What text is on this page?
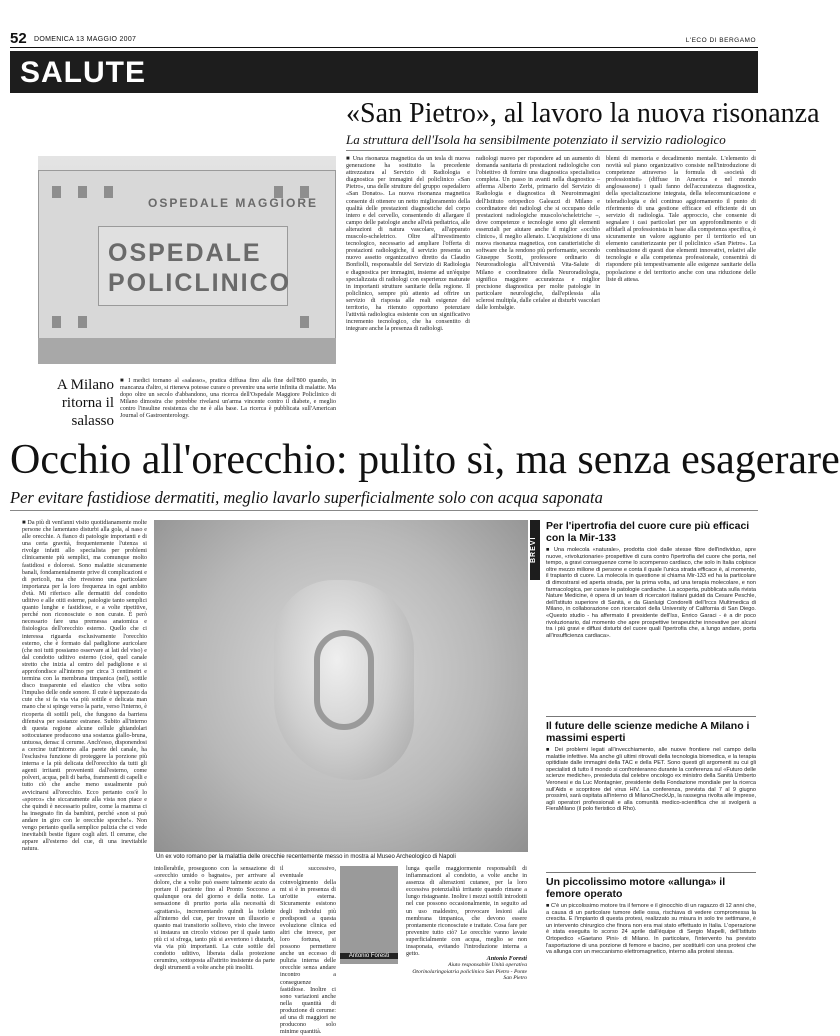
52 DOMENICA 13 MAGGIO 2007	L'ECO DI BERGAMO
SALUTE
«San Pietro», al lavoro la nuova risonanza
La struttura dell'Isola ha sensibilmente potenziato il servizio radiologico
OSPEDALE MAGGIORE
OSPEDALE POLICLINICO
A Milano ritorna il salasso
■ I medici tornano al «salasso», pratica diffusa fino alla fine dell'800 quando, in mancanza d'altro, si riteneva potesse curare o prevenire una serie infinita di malattie. Ma dopo oltre un secolo d'abbandono, una ricerca dell'Ospedale Maggiore Policlinico di Milano dimostra che potrebbe rivelarsi un'arma vincente contro il diabete, e meglio contro l'insuline resistenza che ne è alla base. La ricerca è pubblicata sull'American Journal of Gastroenterology.
■ Una risonanza magnetica da un tesla di nuova generazione ha sostituito la precedente attrezzatura al Servizio di Radiologia e diagnostica per immagini del policlinico «San Pietro», una delle strutture del gruppo ospedaliero «San Donato». La nuova risonanza magnetica consente di ottenere un netto miglioramento della qualità delle prestazioni diagnostiche del corpo intero e del cervello, consentendo di allargare il campo delle patologie anche all'età pediatrica, alle alterazioni di natura vascolare, all'apparato muscolo-scheletrico. Oltre all'investimento tecnologico, necessario ad ampliare l'offerta di prestazioni radiologiche, il servizio presenta un nuovo assetto organizzativo diretto da Claudio Bonfiolli, responsabile del Servizio di Radiologia e diagnostica per immagini, insieme ad un'équipe specializzata di radiologi con esperienze maturate in importanti strutture sanitarie della regione. Il policlinico, sempre più attento ad offrire un servizio di risposta alle reali esigenze del territorio, ha ritenuto opportuno potenziare l'attività radiologica esistente con un significativo incremento tecnologico, che ha consentito di integrare anche la presenza di radiologi.
radiologi nuovo per rispondere ad un aumento di domanda sanitaria di prestazioni radiologiche con l'obiettivo di fornire una diagnostica specialistica completa. Un passo in avanti nella diagnostica – afferma Alberto Zerbi, primario del Servizio di Radiologia e diagnostica di Neuroimmagini dell'Istituto ortopedico Galeazzi di Milano e coordinatore dei radiologi che si occupano delle prestazioni radiologiche muscolo/scheletriche –, dove competenze e tecnologie sono gli elementi essenziali per aiutare anche il miglior «occhio clinico», il meglio allenato. L'acquisizione di una nuova risonanza magnetica, con caratteristiche di software che la rendono più performante, secondo Giuseppe Scotti, professore ordinario di Neuroradiologia all'Università Vita-Salute di Milano e coordinatore della Neuroradiologia, significa maggiore accuratezza e miglior precisione diagnostica per molte patologie in particolare neurologiche, dall'epilessia alla sclerosi multipla, dalle cefalee ai disturbi vascolari dalle lombalgie.
blemi di memoria e decadimento mentale. L'elemento di novità sul piano organizzativo consiste nell'introduzione di competenze attraverso la formula di «società di professionisti» (diffuse in America e nel mondo anglosassone) i quali fanno dell'accuratezza diagnostica, della specializzazione integrata, della telecomunicazione e teleradiologia e del continuo aggiornamento il punto di riferimento di una gestione efficace ed efficiente di un servizio di radiologia. Tale approccio, che consente di segnalare i casi particolari per un approfondimento e di affidarli al professionista in base alla competenza specifica, è sicuramente un valore aggiunto per il territorio ed un elemento caratterizzante per il policlinico «San Pietro». La combinazione di questi due elementi innovativi, relativi alle tecnologie e alla competenza professionale, consentirà di rispondere più tempestivamente alle esigenze sanitarie della popolazione e del territorio anche con una riduzione delle liste di attesa.
Occhio all'orecchio: pulito sì, ma senza esagerare
Per evitare fastidiose dermatiti, meglio lavarlo superficialmente solo con acqua saponata
■ Da più di vent'anni visito quotidianamente molte persone che lamentano disturbi alla gola, al naso e alle orecchie. A fianco di patologie importanti e di una certa gravità, frequentemente l'utenza si rivolge infatti allo specialista per problemi clinicamente più semplici, ma comunque molto fastidiosi e dolorosi. Sono malattie sicuramente banali, fondamentalmente prive di complicazioni e di pericoli, ma che rivestono una particolare importanza per la loro frequenza in ogni ambito d'età. Mi riferisco alle dermatiti del condotto uditivo e alle otiti esterne, patologie tanto semplici quanto lunghe e fastidiose, e a volte ripetitive, perché non riconosciute o non curate. È però necessario fare una premessa anatomica e fisiologica dell'orecchio esterno. Quello che ci interessa riguarda esclusivamente l'orecchio esterno, che è formato dal padiglione auricolare (che noi tutti possiamo osservare ai lati del viso) e dal condotto uditivo esterno (cioè, quel canale stretto che inizia al centro del padiglione e si approfondisce all'interno per circa 3 centimetri e termina con la membrana timpanica (nel), sottile disco trasparente ed elastico che vibra sotto l'impulso delle onde sonore. Il cute è tappezzato da cute che si fa via via più sottile e delicata man mano che si spinge verso la parte, verso l'interno, è ricoperta di sottili peli, che fungono da barriera difensiva per sostanze estranee. Subito all'interno di questa regione alcune cellule ghiandolari sottocutanee producono una sostanza giallo-bruna, untuosa, densa: il cerume. Anch'esso, disponendosi a cercine tutt'intorno alla parete del canale, ha l'esclusiva funzione di proteggere la porzione più interna e la più delicata dell'orecchio da tutti gli agenti irritanti provenienti dall'esterno, come polveri, acqua, peli di barba, frammenti di capelli e tutto ciò che anche meno usualmente può avvicinarsi all'orecchio. Ecco pertanto cos'è lo «sporco» che siccaramente alla vista non piace e che quindi è necessario pulire, come la mamma ci ha insegnato fin da bambini, perché «non si può andare in giro con le orecchie sporche!». Non vengo pertanto quella semplice pulizia che ci vede inevitabili bestie figure cogli altri. Il cerume, che appare all'esterno del cue, di una inevitabile natura.
Un ex voto romano per la malattia delle orecchie recentemente messo in mostra al Museo Archeologico di Napoli
intollerabile, proseguono con la sensazione di «orecchio umido o bagnato», per arrivare al dolore, che a volte può essere talmente acuto da portare il paziente fino al Pronto Soccorso a qualunque ora del giorno e della notte. La sensazione di prurito porta alla necessità di «grattarsi», incrementando quindi la toilette all'interno del cue, per trovare un illusorio e quanto mai transitorio sollievo, visto che invece si instaura un circolo vizioso per il quale tanto più ci si sfrega, tanto più si avvertono i disturbi, via via più importanti. La cute sottile del condotto uditivo, liberata dalla protezione cerumino, sottoposta all'attrito insistente da parte degli strumenti a volte anche più insoliti.
il successivo, eventuale coinvolgimento della mt si è in presenza di un'otite esterna. Sicuramente esistono degli individui più predisposti a questa evoluzione clinica ed altri che invece, per loro fortuna, si possono permettere anche un eccesso di pulizia interna delle orecchie senza andare incontro a conseguenze fastidiose. Inoltre ci sono variazioni anche nella quantità di produzione di cerume: ad una di maggiori ne producono solo minime quantità.
Antonio Foresti
lunga quelle maggiormente responsabili di infiammazioni al condotto, a volte anche in assenza di alterazioni cutanee, per la loro eccessiva potenzialità irritante quando rimane a lungo ristagnante. Inoltre i mezzi sottili introdotti nel cue possono occasionalmente, in seguito ad un uso maldestro, provocare lesioni alla membrana timpanica, che devono essere prontamente riconosciute e trattate. Cosa fare per prevenire tutto ciò? Le orecchie vanno lavate superficialmente con acqua, meglio se non insaponata, evitando l'introduzione interna a getto.
Antonio Foresti
Aiuto responsabile Unità operativa Otorinolaringoiatria policlinico San Pietro - Ponte San Pietro
BREVI
Per l'ipertrofia del cuore cure più efficaci con la Mir-133
■ Una molecola «naturale», prodotta cioè dalle stesse fibre dell'individuo, apre nuove, «rivoluzionarie» prospettive di cura contro l'ipertrofia del cuore che porta, nel tempo, a gravi conseguenze come lo scompenso cardiaco, che solo in Italia colpisce oltre mezzo milione di persone e conta il quale l'unica strada efficace è, al momento, il trapianto di cuore. La molecola in questione si chiama Mir-133 ed ha la particolare di dimostrarsi ed aperta strada, per la prima volta, ad una terapia molecolare, e non farmacologica, per curare le patologie cardiache. La scoperta, pubblicata sulla rivista Nature Medicine, è opera di un team di ricercatori italiani guidati da Cesare Peschle, dell'Istituto superiore di Sanità, e da Gianluigi Condorelli dell'Irccs Multimedica di Milano, in collaborazione con ricercatori della University of California di San Diego. «Questo studio - ha affermato il presidente dell'Iss, Enrico Garaci - è a dir poco rivoluzionario, dal momento che apre prospettive terapeutiche innovative per alcuni tra i più gravi e diffusi disturbi del cuore quali l'ipertrofia che, a lungo andare, porta all'insufficienza cardiaca».
Il future delle scienze mediche A Milano i massimi esperti
■ Dei problemi legati all'invecchiamento, alle nuove frontiere nel campo della malattie infettive. Ma anche gli ultimi ritrovati della tecnologia biomedica, e la terapia opitidiate dalle immagini della TAC e della PET. Sono questi gli argomenti su cui gli specialisti di tutto il mondo si confronteranno durante la conferenza sul «Futuro delle scienze mediche», presieduta dal celebre oncologo ex ministro della Sanità Umberto Veronesi e da Luc Montagnier, presidente della Fondazione mondiale per la ricerca sull'Aids e scopritore del virus HIV. La conferenza, prevista dal 7 al 9 giugno prossimi, sarà ospitata all'interno di MilanoCheckUp, la rassegna rivolta alle imprese, agli operatori professionali e alla comunità medico-scientifica che si svolgerà a FieraMilano (il polo fieristico di Rho).
Un piccolissimo motore «allunga» il femore operato
■ C'è un piccolissimo motore tra il femore e il ginocchio di un ragazzo di 12 anni che, a causa di un particolare tumore delle ossa, rischiava di vedere compromessa la crescita. E l'impianto di questa protesi, realizzato su misura in solo tre settimane, è un intervento chirurgico che finora non era mai stato effettuato in Italia. L'operazione è stata eseguita lo scorso 24 aprile dall'équipe di Sergio Mapelli, dell'Istituto Ortopedico «Gaetano Pini» di Milano. In particolare, l'intervento ha previsto l'asportazione di una porzione di femore e bacino, per sostituirli con una protesi che va allunga con un meccanismo elettromagnetico, interno alla protesi stessa.
